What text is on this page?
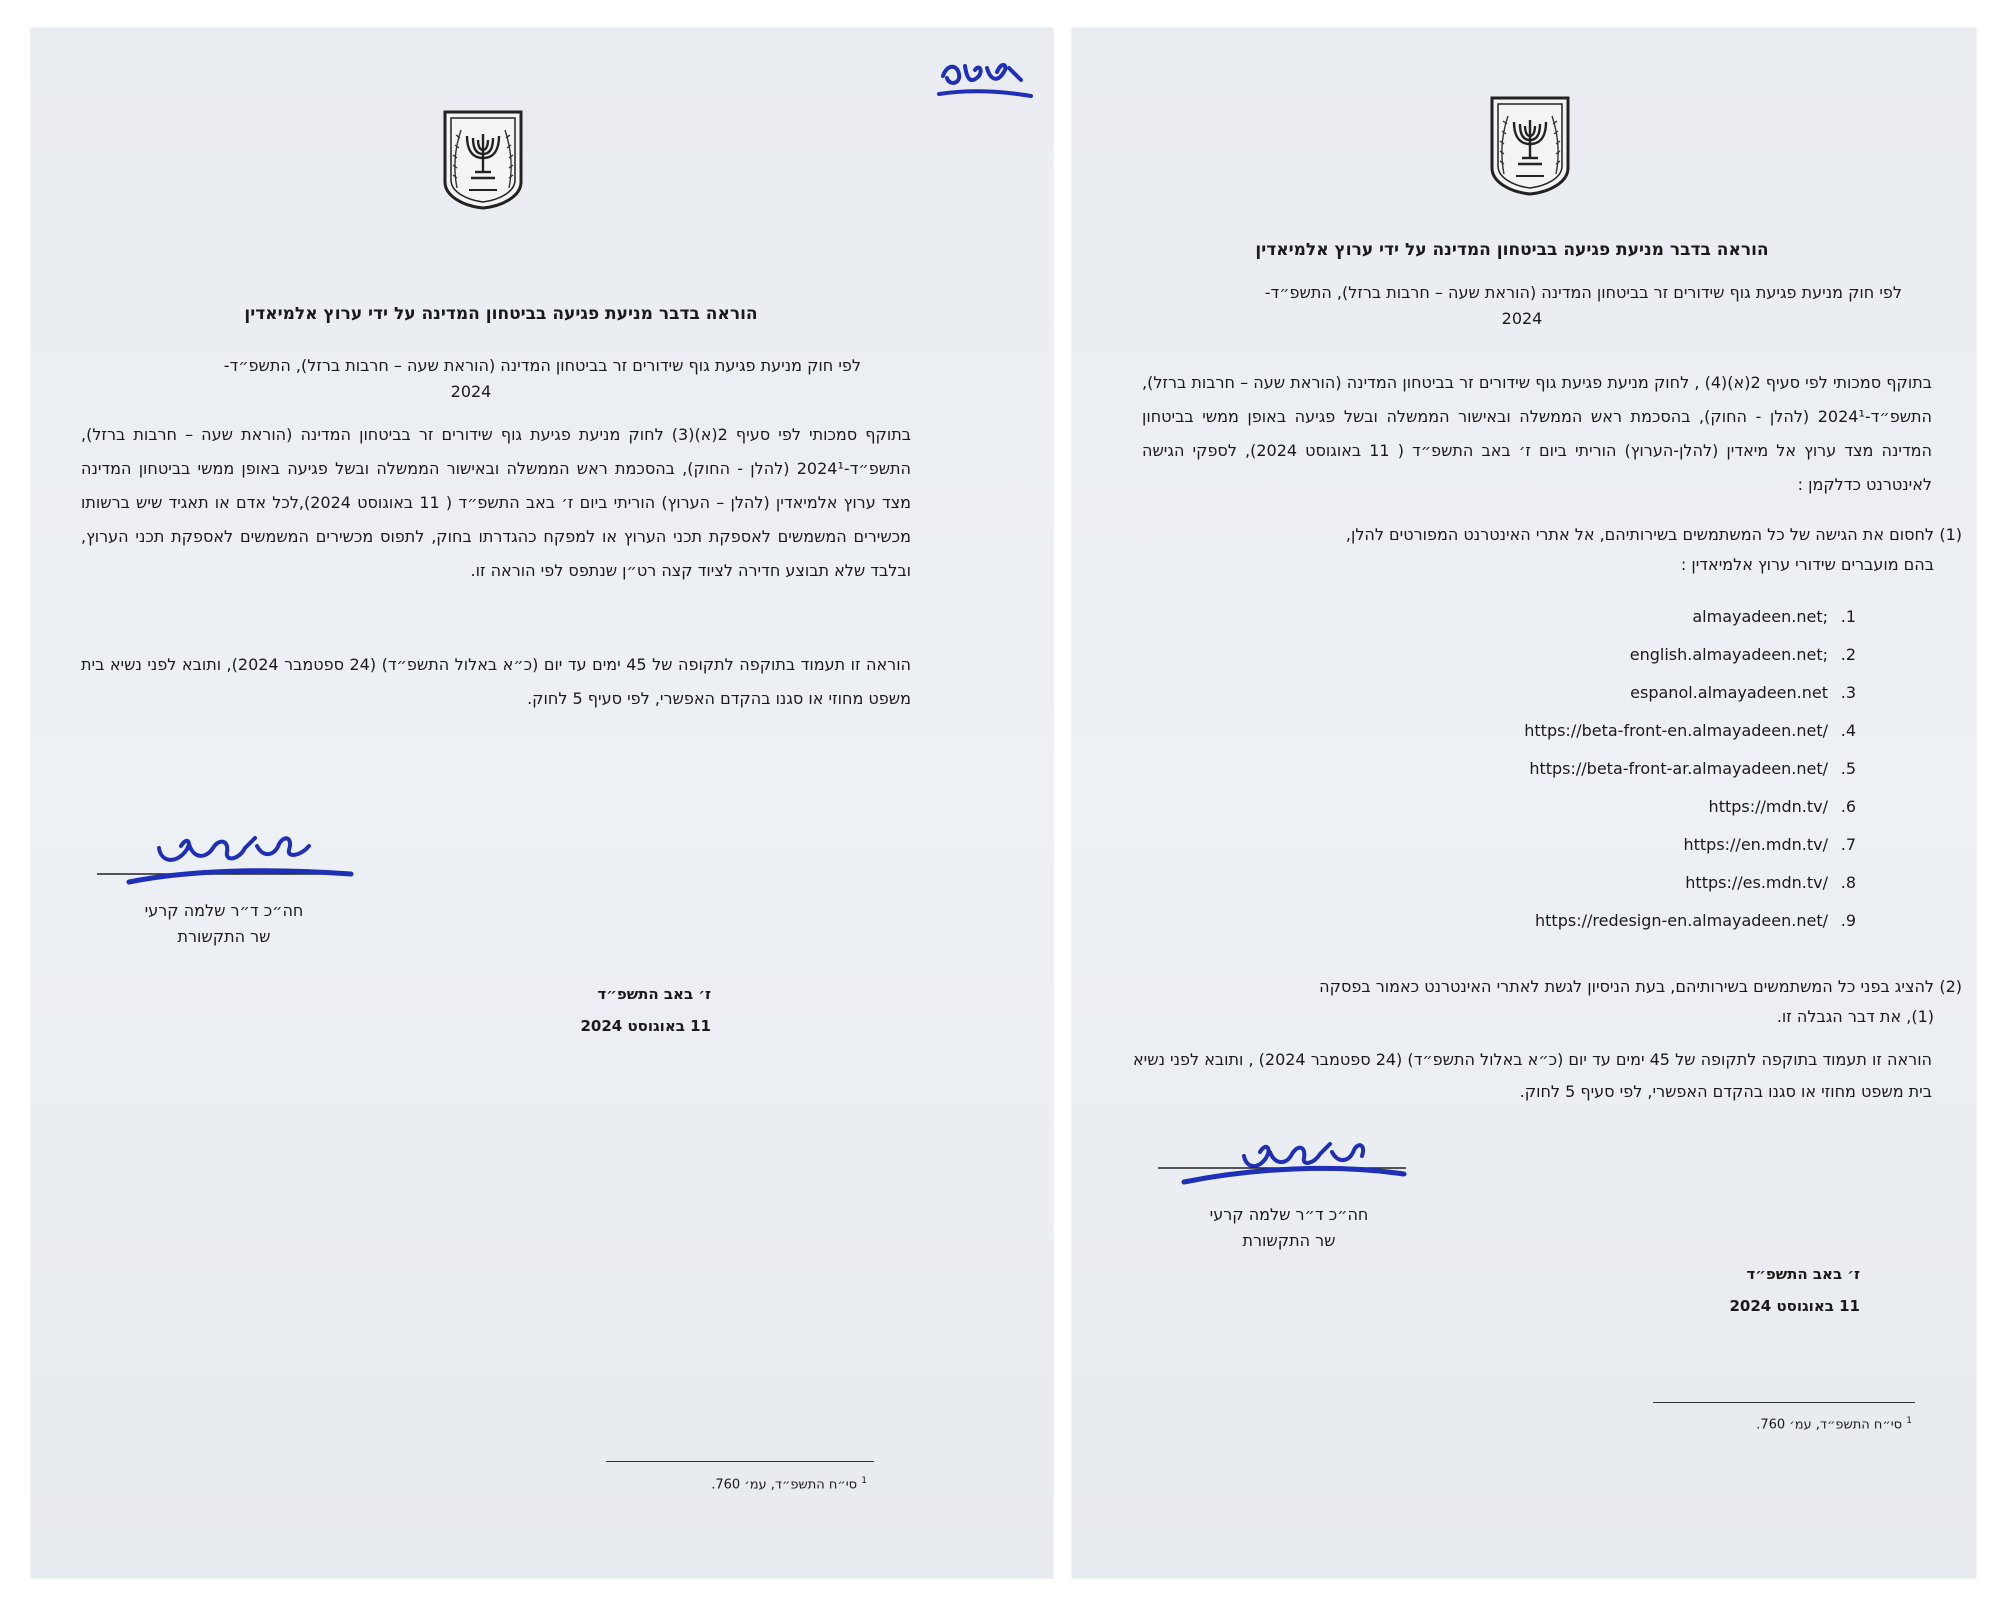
הוראה בדבר מניעת פגיעה בביטחון המדינה על ידי ערוץ אלמיאדין
לפי חוק מניעת פגיעת גוף שידורים זר בביטחון המדינה (הוראת שעה – חרבות ברזל), התשפ״ד-
2024
בתוקף סמכותי לפי סעיף 2(א)(3) לחוק מניעת פגיעת גוף שידורים זר בביטחון המדינה (הוראת שעה – חרבות ברזל), התשפ״ד-2024¹ (להלן - החוק), בהסכמת ראש הממשלה ובאישור הממשלה ובשל פגיעה באופן ממשי בביטחון המדינה מצד ערוץ אלמיאדין (להלן – הערוץ) הוריתי ביום ז׳ באב התשפ״ד ( 11 באוגוסט 2024),לכל אדם או תאגיד שיש ברשותו מכשירים המשמשים לאספקת תכני הערוץ או למפקח כהגדרתו בחוק, לתפוס מכשירים המשמשים לאספקת תכני הערוץ, ובלבד שלא תבוצע חדירה לציוד קצה רט״ן שנתפס לפי הוראה זו.
הוראה זו תעמוד בתוקפה לתקופה של 45 ימים עד יום (כ״א באלול התשפ״ד) (24 ספטמבר 2024), ותובא לפני נשיא בית משפט מחוזי או סגנו בהקדם האפשרי, לפי סעיף 5 לחוק.
חה״כ ד״ר שלמה קרעי
שר התקשורת
ז׳ באב התשפ״ד
11 באוגוסט 2024
$^1$ סי״ח התשפ״ד, עמ׳ 760.
הוראה בדבר מניעת פגיעה בביטחון המדינה על ידי ערוץ אלמיאדין
לפי חוק מניעת פגיעת גוף שידורים זר בביטחון המדינה (הוראת שעה – חרבות ברזל), התשפ״ד-
2024
בתוקף סמכותי לפי סעיף 2(א)(4) , לחוק מניעת פגיעת גוף שידורים זר בביטחון המדינה (הוראת שעה – חרבות ברזל), התשפ״ד-2024¹ (להלן - החוק), בהסכמת ראש הממשלה ובאישור הממשלה ובשל פגיעה באופן ממשי בביטחון המדינה מצד ערוץ אל מיאדין (להלן-הערוץ) הוריתי ביום ז׳ באב התשפ״ד ( 11 באוגוסט 2024), לספקי הגישה לאינטרנט כדלקמן :
(1)לחסום את הגישה של כל המשתמשים בשירותיהם, אל אתרי האינטרנט המפורטים להלן,
בהם מועברים שידורי ערוץ אלמיאדין :
1.almayadeen.net;
2.english.almayadeen.net;
3.espanol.almayadeen.net
4.https://beta-front-en.almayadeen.net/
5.https://beta-front-ar.almayadeen.net/
6.https://mdn.tv/
7.https://en.mdn.tv/
8.https://es.mdn.tv/
9.https://redesign-en.almayadeen.net/
(2)להציג בפני כל המשתמשים בשירותיהם, בעת הניסיון לגשת לאתרי האינטרנט כאמור בפסקה
(1), את דבר הגבלה זו.
הוראה זו תעמוד בתוקפה לתקופה של 45 ימים עד יום (כ״א באלול התשפ״ד) (24 ספטמבר 2024) , ותובא לפני נשיא בית משפט מחוזי או סגנו בהקדם האפשרי, לפי סעיף 5 לחוק.
חה״כ ד״ר שלמה קרעי
שר התקשורת
ז׳ באב התשפ״ד
11 באוגוסט 2024
$^1$ סי״ח התשפ״ד, עמ׳ 760.
